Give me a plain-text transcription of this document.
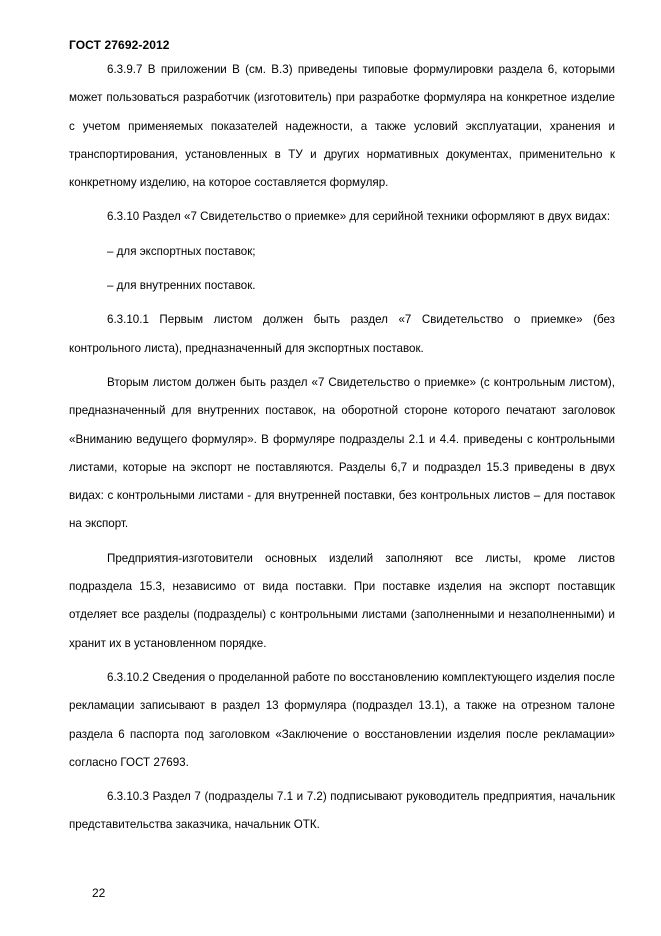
ГОСТ 27692-2012

6.3.9.7 В приложении В (см. В.3) приведены типовые формулировки раздела 6, которыми может пользоваться разработчик (изготовитель) при разработке формуляра на конкретное изделие с учетом применяемых показателей надежности, а также условий эксплуатации, хранения и транспортирования, установленных в ТУ и других нормативных документах, применительно к конкретному изделию, на которое составляется формуляр.

6.3.10 Раздел «7 Свидетельство о приемке» для серийной техники оформляют в двух видах:

– для экспортных поставок;

– для внутренних поставок.

6.3.10.1 Первым листом должен быть раздел «7 Свидетельство о приемке» (без контрольного листа), предназначенный для экспортных поставок.

Вторым листом должен быть раздел «7 Свидетельство о приемке» (с контрольным листом), предназначенный для внутренних поставок, на оборотной стороне которого печатают заголовок «Вниманию ведущего формуляр». В формуляре подразделы 2.1 и 4.4. приведены с контрольными листами, которые на экспорт не поставляются. Разделы 6,7 и подраздел 15.3 приведены в двух видах: с контрольными листами - для внутренней поставки, без контрольных листов – для поставок на экспорт.

Предприятия-изготовители основных изделий заполняют все листы, кроме листов подраздела 15.3, независимо от вида поставки. При поставке изделия на экспорт поставщик отделяет все разделы (подразделы) с контрольными листами (заполненными и незаполненными) и хранит их в установленном порядке.

6.3.10.2 Сведения о проделанной работе по восстановлению комплектующего изделия после рекламации записывают в раздел 13 формуляра (подраздел 13.1), а также на отрезном талоне раздела 6 паспорта под заголовком «Заключение о восстановлении изделия после рекламации» согласно ГОСТ 27693.

6.3.10.3 Раздел 7 (подразделы 7.1 и 7.2) подписывают руководитель предприятия, начальник представительства заказчика, начальник ОТК.

22
